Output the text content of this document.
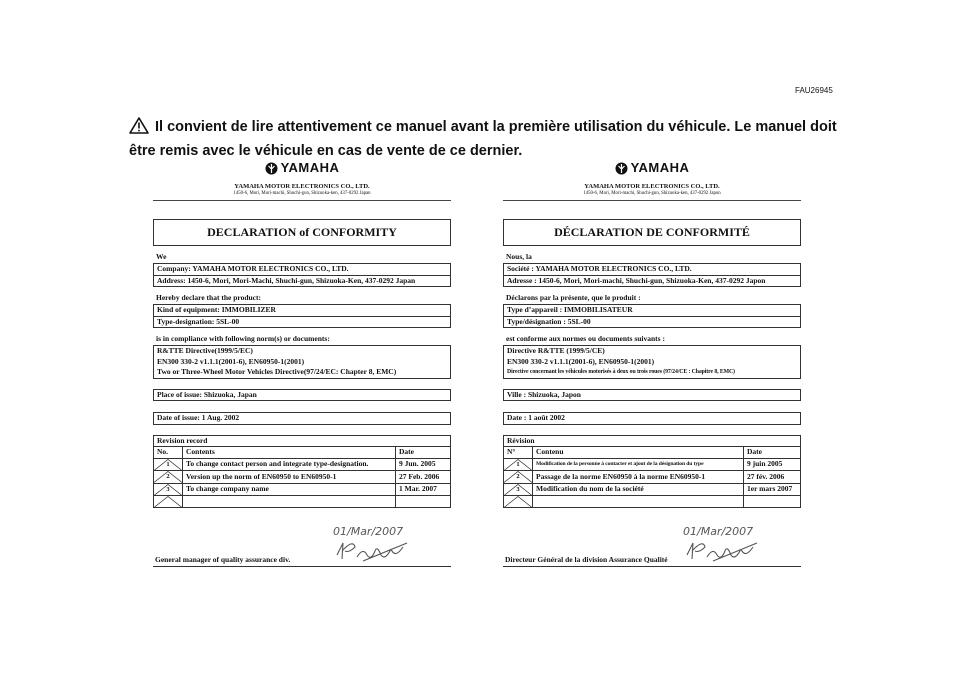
FAU26945
Il convient de lire attentivement ce manuel avant la première utilisation du véhicule. Le manuel doit être remis avec le véhicule en cas de vente de ce dernier.
YAMAHA
YAMAHA MOTOR ELECTRONICS CO., LTD.
1450-6, Mori, Mori-machi, Shuchi-gun, Shizuoka-ken, 437-0292 Japan
DECLARATION of CONFORMITY
We
Company: YAMAHA MOTOR ELECTRONICS CO., LTD.
Address: 1450-6, Mori, Mori-Machi, Shuchi-gun, Shizuoka-Ken, 437-0292 Japan
Hereby declare that the product:
Kind of equipment: IMMOBILIZER
Type-designation: 5SL-00
is in compliance with following norm(s) or documents:
R&TTE Directive(1999/5/EC)
EN300 330-2 v1.1.1(2001-6), EN60950-1(2001)
Two or Three-Wheel Motor Vehicles Directive(97/24/EC: Chapter 8, EMC)
Place of issue: Shizuoka, Japan
Date of issue: 1 Aug. 2002
Revision record		
No.	Contents	Date

1	To change contact person and integrate type-designation.	9 Jun. 2005

2	Version up the norm of EN60950 to EN60950-1	27 Feb. 2006

3	To change company name	1 Mar. 2007

01/Mar/2007
General manager of quality assurance div.
YAMAHA
YAMAHA MOTOR ELECTRONICS CO., LTD.
1450-6, Mori, Mori-machi, Shuchi-gun, Shizuoka-ken, 437-0292 Japon
DÉCLARATION DE CONFORMITÉ
Nous, la
Société : YAMAHA MOTOR ELECTRONICS CO., LTD.
Adresse : 1450-6, Mori, Mori-machi, Shuchi-gun, Shizuoka-Ken, 437-0292 Japon
Déclarons par la présente, que le produit :
Type d’appareil : IMMOBILISATEUR
Type/désignation : 5SL-00
est conforme aux normes ou documents suivants :
Directive R&TTE (1999/5/CE)
EN300 330-2 v1.1.1(2001-6), EN60950-1(2001)
Directive concernant les véhicules motorisés à deux ou trois roues (97/24/CE : Chapitre 8, EMC)
Ville : Shizuoka, Japon
Date : 1 août 2002
Révision		
N°	Contenu	Date

1	Modification de la personne à contacter et ajout de la désignation du type	9 juin 2005

2	Passage de la norme EN60950 à la norme EN60950-1	27 fév. 2006

3	Modification du nom de la société	1er mars 2007

01/Mar/2007
Directeur Général de la division Assurance Qualité
